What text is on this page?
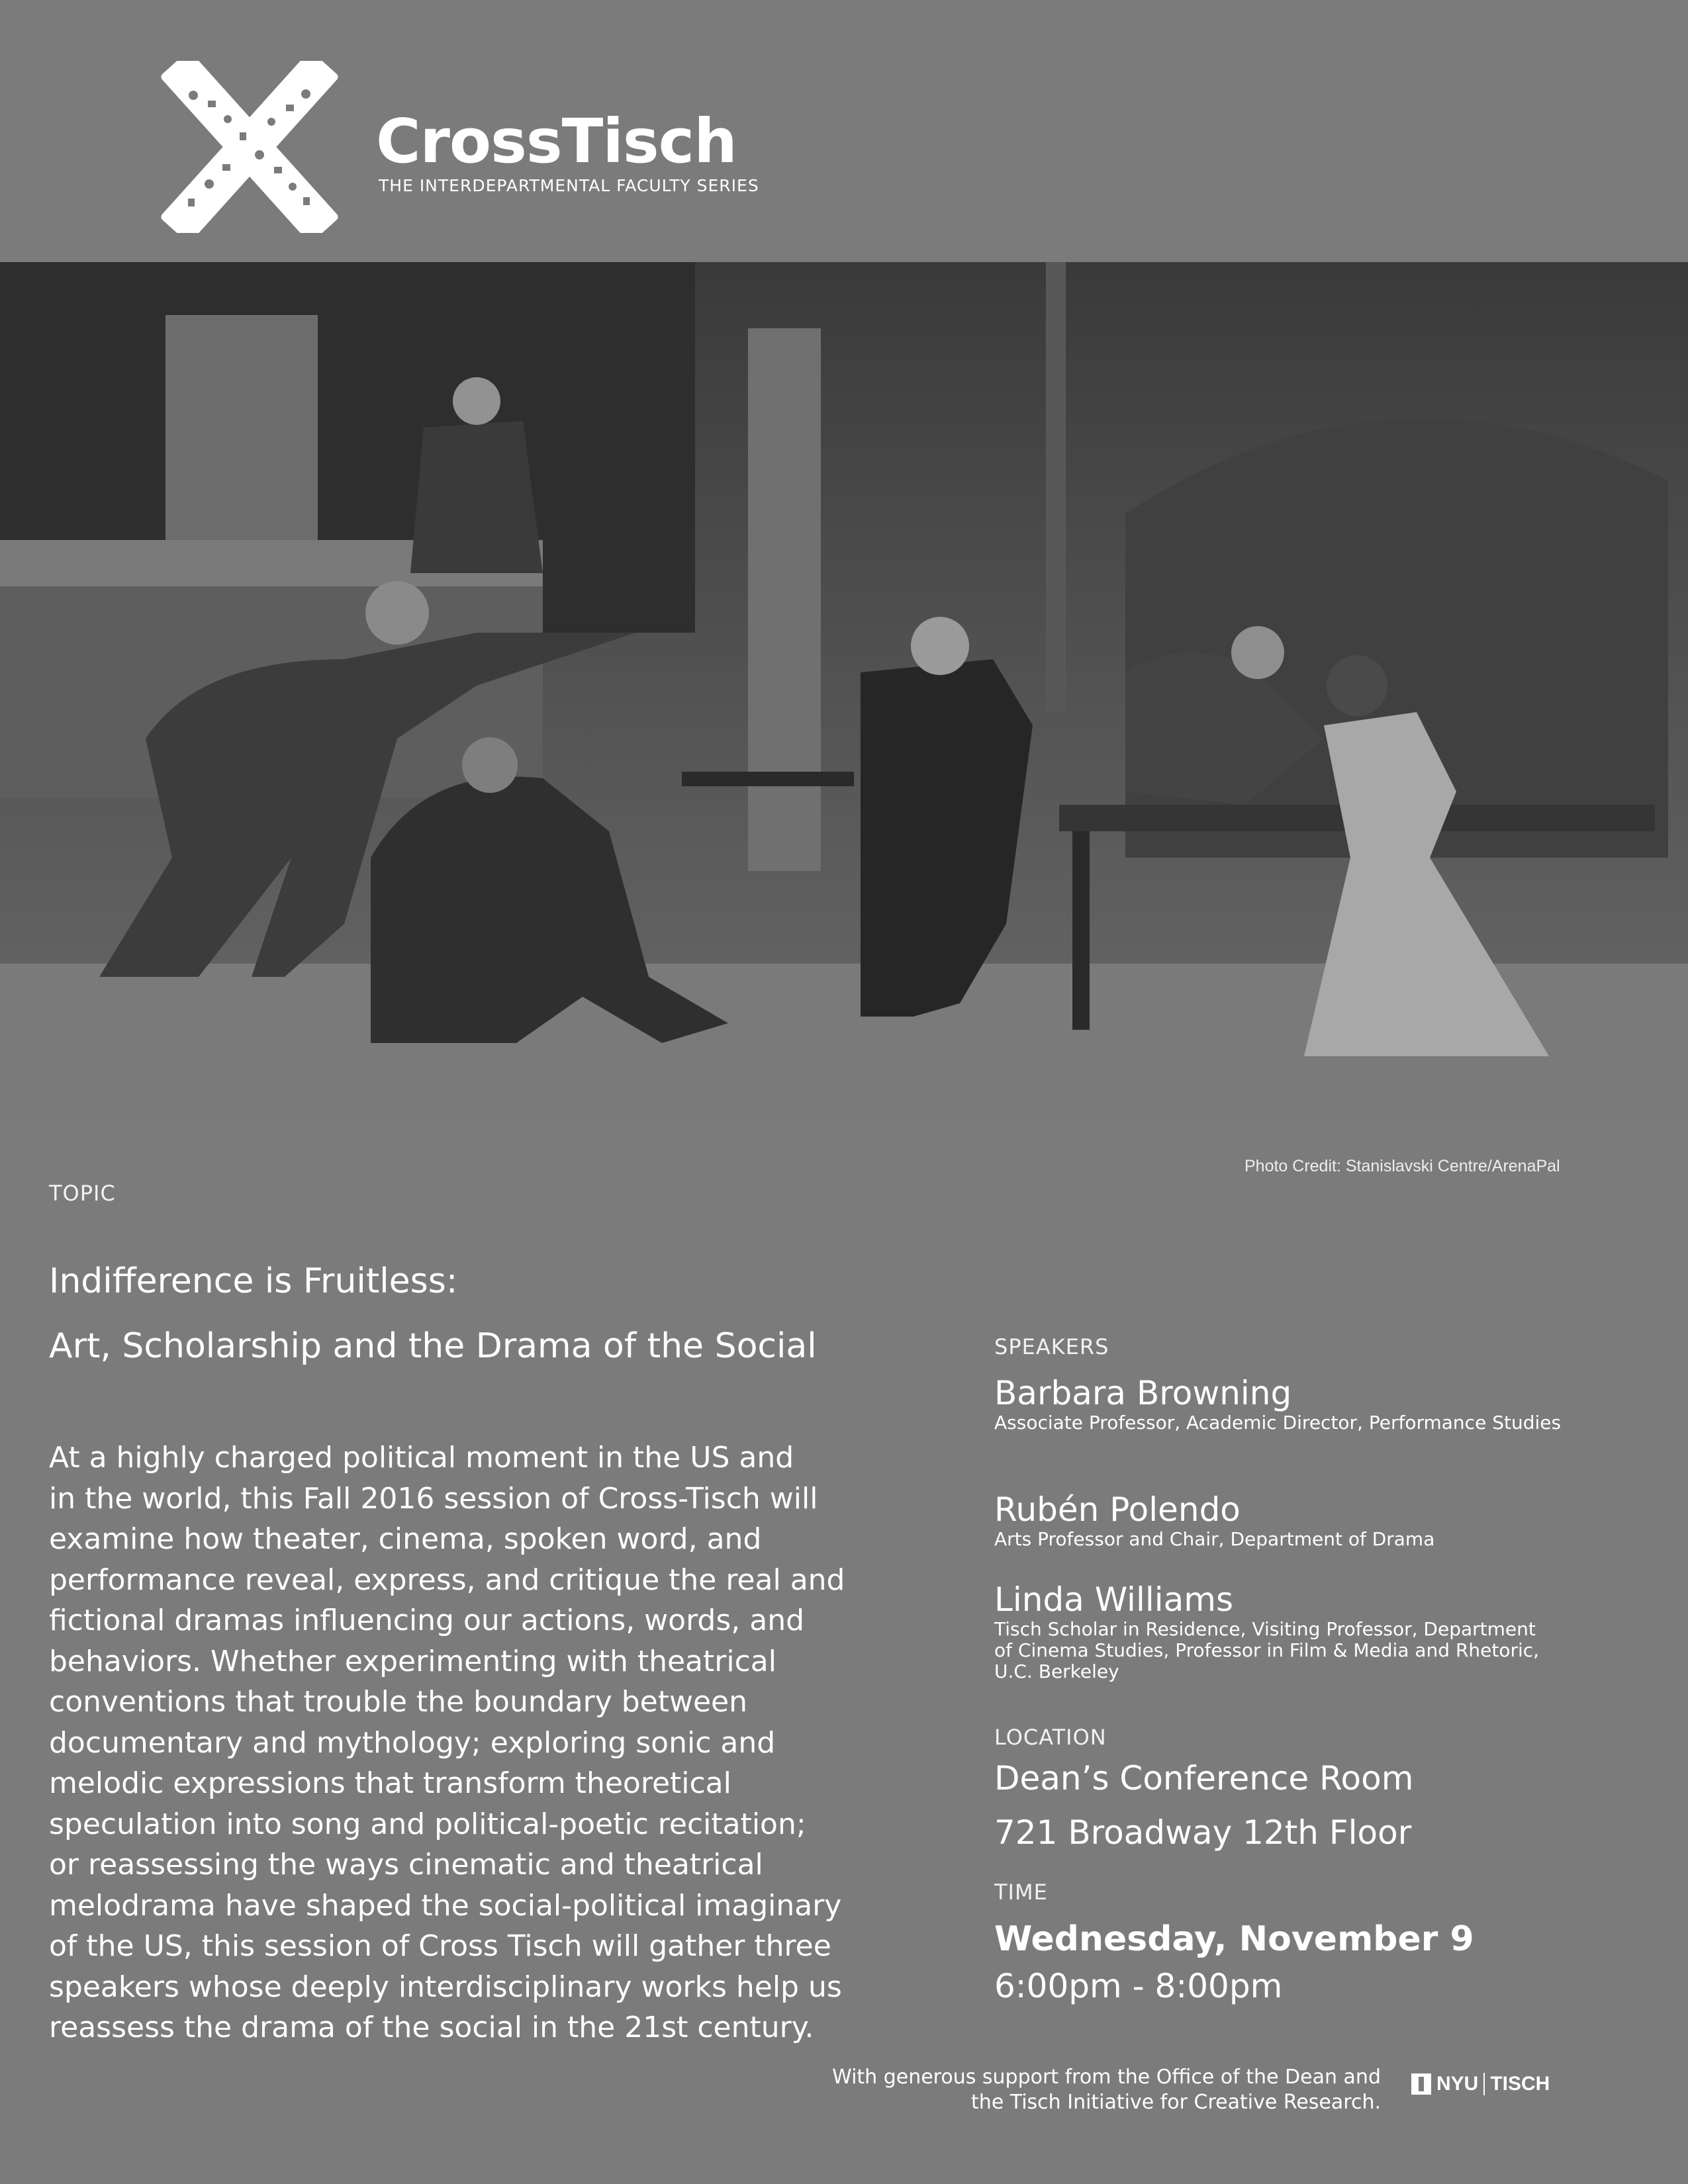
CrossTisch
THE INTERDEPARTMENTAL FACULTY SERIES
Photo Credit: Stanislavski Centre/ArenaPal
TOPIC
Indifference is Fruitless:
Art, Scholarship and the Drama of the Social
At a highly charged political moment in the US and
in the world, this Fall 2016 session of Cross-Tisch will
examine how theater, cinema, spoken word, and
performance reveal, express, and critique the real and
fictional dramas influencing our actions, words, and
behaviors. Whether experimenting with theatrical
conventions that trouble the boundary between
documentary and mythology; exploring sonic and
melodic expressions that transform theoretical
speculation into song and political-poetic recitation;
or reassessing the ways cinematic and theatrical
melodrama have shaped the social-political imaginary
of the US, this session of Cross Tisch will gather three
speakers whose deeply interdisciplinary works help us
reassess the drama of the social in the 21st century.
SPEAKERS
Barbara Browning
Associate Professor, Academic Director, Performance Studies
Rubén Polendo
Arts Professor and Chair, Department of Drama
Linda Williams
Tisch Scholar in Residence, Visiting Professor, Department
of Cinema Studies, Professor in Film & Media and Rhetoric,
U.C. Berkeley
LOCATION
Dean’s Conference Room
721 Broadway 12th Floor
TIME
Wednesday, November 9
6:00pm - 8:00pm
With generous support from the Office of the Dean and
the Tisch Initiative for Creative Research.
NYU TISCH
